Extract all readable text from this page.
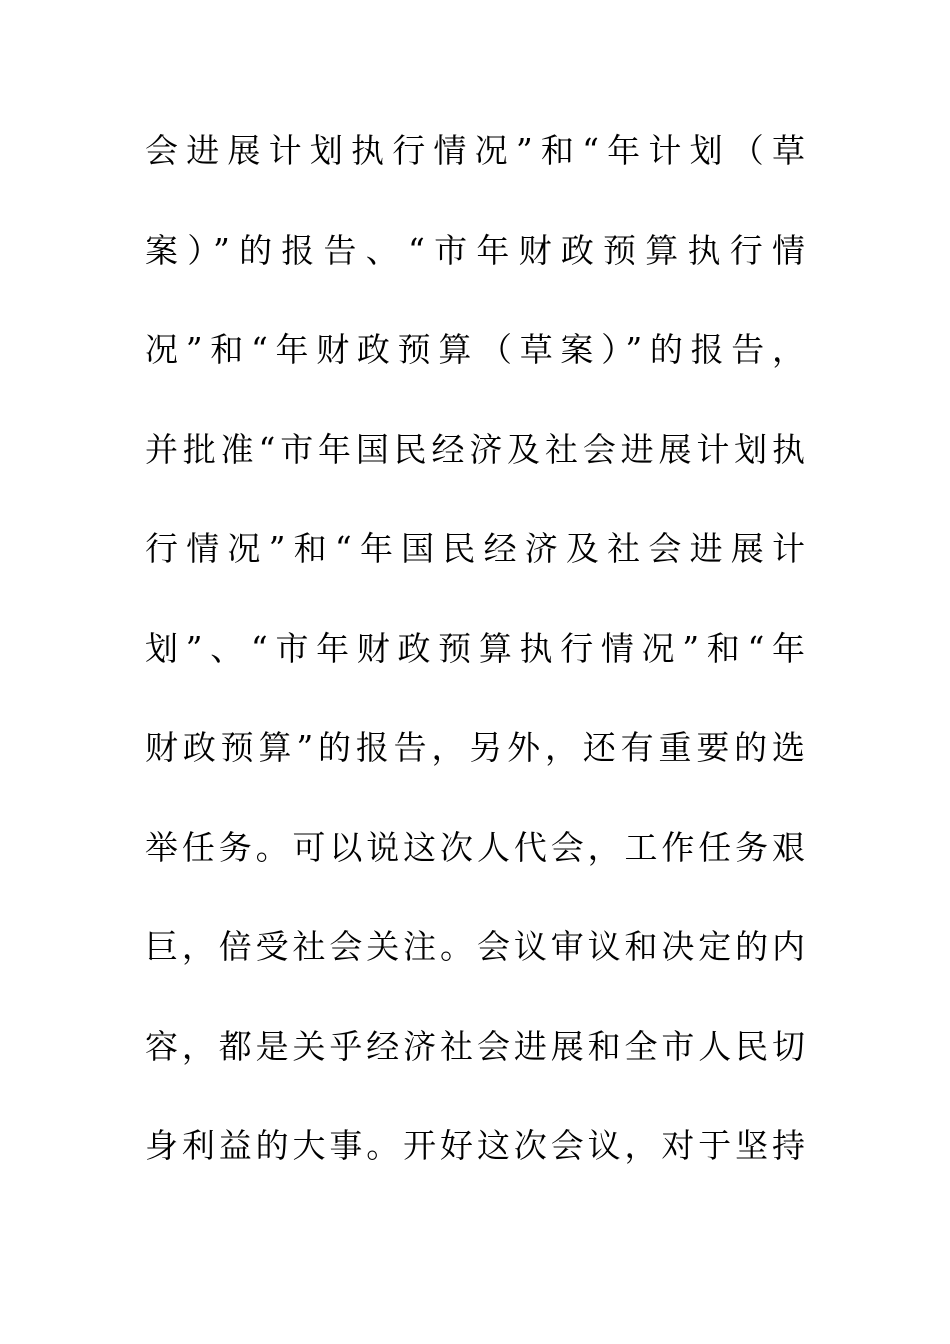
会进展计划执行情况”和“年计划（草
案）”的报告、“市年财政预算执行情
况”和“年财政预算（草案）”的报告，
并批准“市年国民经济及社会进展计划执
行情况”和“年国民经济及社会进展计
划”、“市年财政预算执行情况”和“年
财政预算”的报告，另外，还有重要的选
举任务。可以说这次人代会，工作任务艰
巨，倍受社会关注。会议审议和决定的内
容，都是关乎经济社会进展和全市人民切
身利益的大事。开好这次会议，对于坚持
